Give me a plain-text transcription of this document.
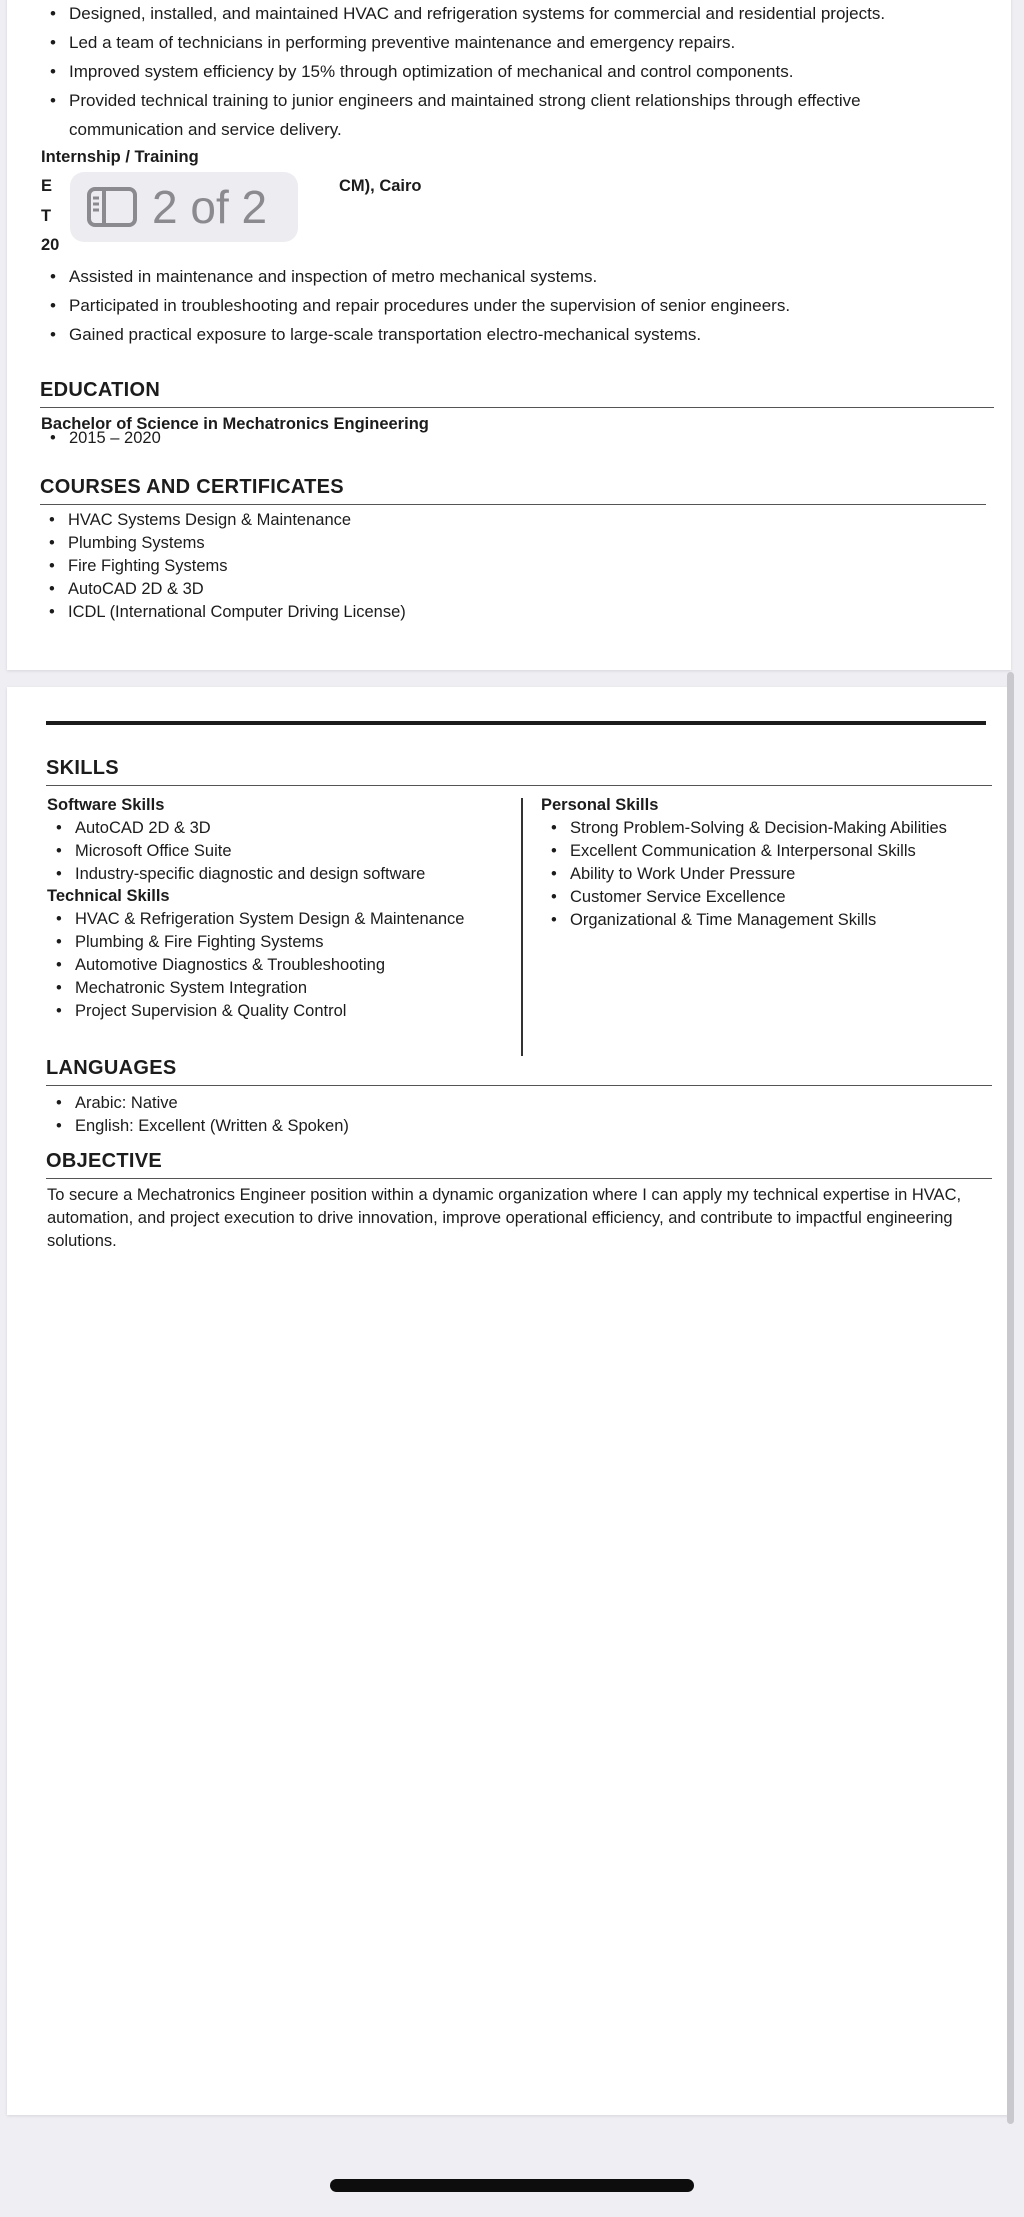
• Designed, installed, and maintained HVAC and refrigeration systems for commercial and residential projects.
• Led a team of technicians in performing preventive maintenance and emergency repairs.
• Improved system efficiency by 15% through optimization of mechanical and control components.
• Provided technical training to junior engineers and maintained strong client relationships through effective communication and service delivery.
Internship / Training
E	CM), Cairo
T
20
• Assisted in maintenance and inspection of metro mechanical systems.
• Participated in troubleshooting and repair procedures under the supervision of senior engineers.
• Gained practical exposure to large-scale transportation electro-mechanical systems.
EDUCATION
Bachelor of Science in Mechatronics Engineering
• 2015 – 2020
COURSES AND CERTIFICATES
• HVAC Systems Design & Maintenance
• Plumbing Systems
• Fire Fighting Systems
• AutoCAD 2D & 3D
• ICDL (International Computer Driving License)
2 of 2
SKILLS
Software Skills
• AutoCAD 2D & 3D
• Microsoft Office Suite
• Industry-specific diagnostic and design software
Technical Skills
• HVAC & Refrigeration System Design & Maintenance
• Plumbing & Fire Fighting Systems
• Automotive Diagnostics & Troubleshooting
• Mechatronic System Integration
• Project Supervision & Quality Control
Personal Skills
• Strong Problem-Solving & Decision-Making Abilities
• Excellent Communication & Interpersonal Skills
• Ability to Work Under Pressure
• Customer Service Excellence
• Organizational & Time Management Skills
LANGUAGES
• Arabic: Native
• English: Excellent (Written & Spoken)
OBJECTIVE
To secure a Mechatronics Engineer position within a dynamic organization where I can apply my technical expertise in HVAC, automation, and project execution to drive innovation, improve operational efficiency, and contribute to impactful engineering solutions.
